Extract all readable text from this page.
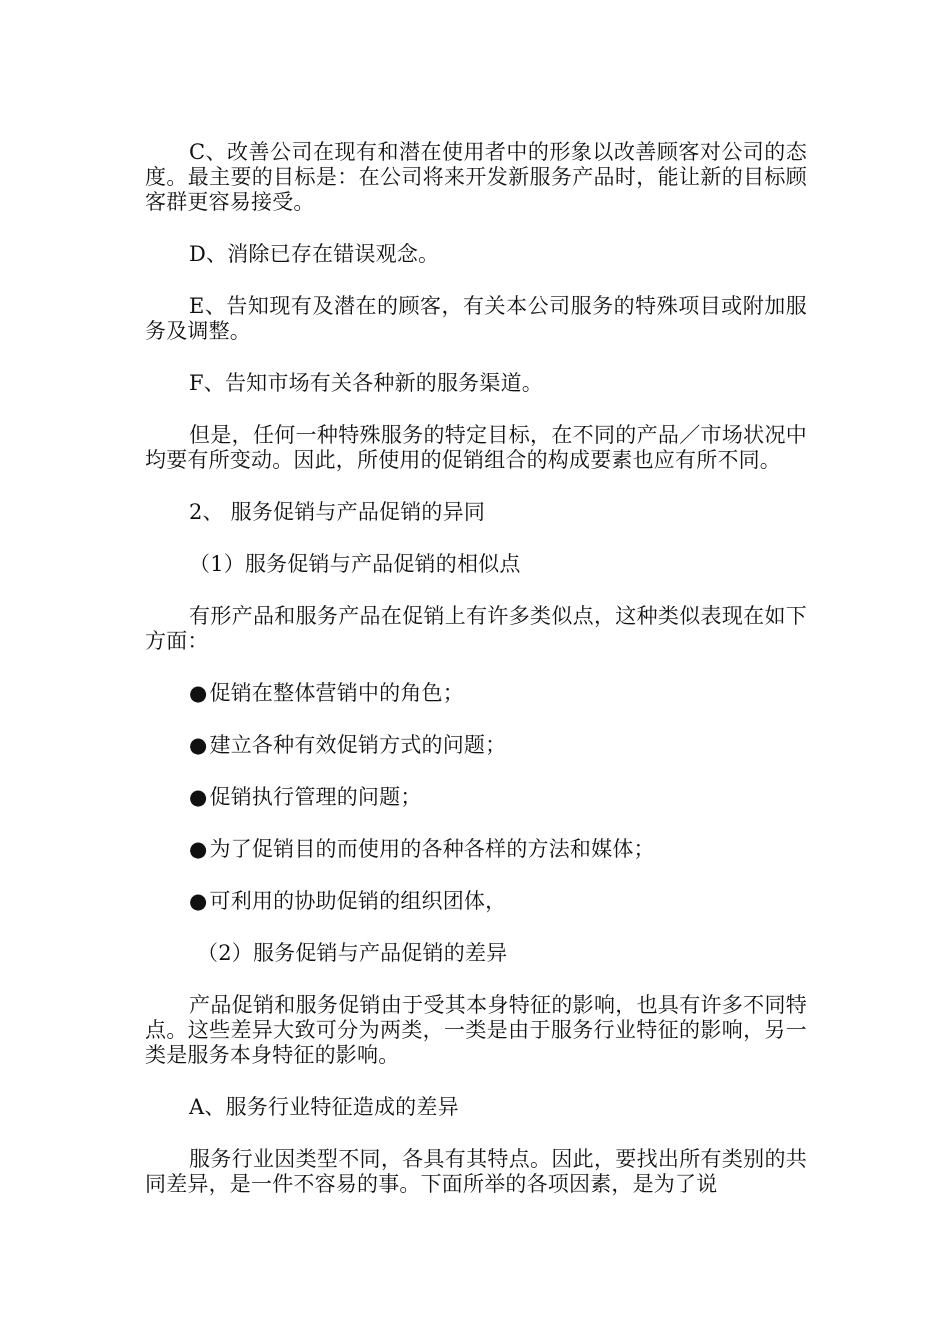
C、改善公司在现有和潜在使用者中的形象以改善顾客对公司的态度。最主要的目标是：在公司将来开发新服务产品时，能让新的目标顾客群更容易接受。

D、消除已存在错误观念。

E、告知现有及潜在的顾客，有关本公司服务的特殊项目或附加服务及调整。

F、告知市场有关各种新的服务渠道。

但是，任何一种特殊服务的特定目标，在不同的产品／市场状况中均要有所变动。因此，所使用的促销组合的构成要素也应有所不同。

2、 服务促销与产品促销的异同

（1）服务促销与产品促销的相似点

有形产品和服务产品在促销上有许多类似点，这种类似表现在如下方面：

●促销在整体营销中的角色；
●建立各种有效促销方式的问题；
●促销执行管理的问题；
●为了促销目的而使用的各种各样的方法和媒体；
●可利用的协助促销的组织团体，

（2）服务促销与产品促销的差异

产品促销和服务促销由于受其本身特征的影响，也具有许多不同特点。这些差异大致可分为两类，一类是由于服务行业特征的影响，另一类是服务本身特征的影响。

A、服务行业特征造成的差异

服务行业因类型不同，各具有其特点。因此，要找出所有类别的共同差异，是一件不容易的事。下面所举的各项因素，是为了说
